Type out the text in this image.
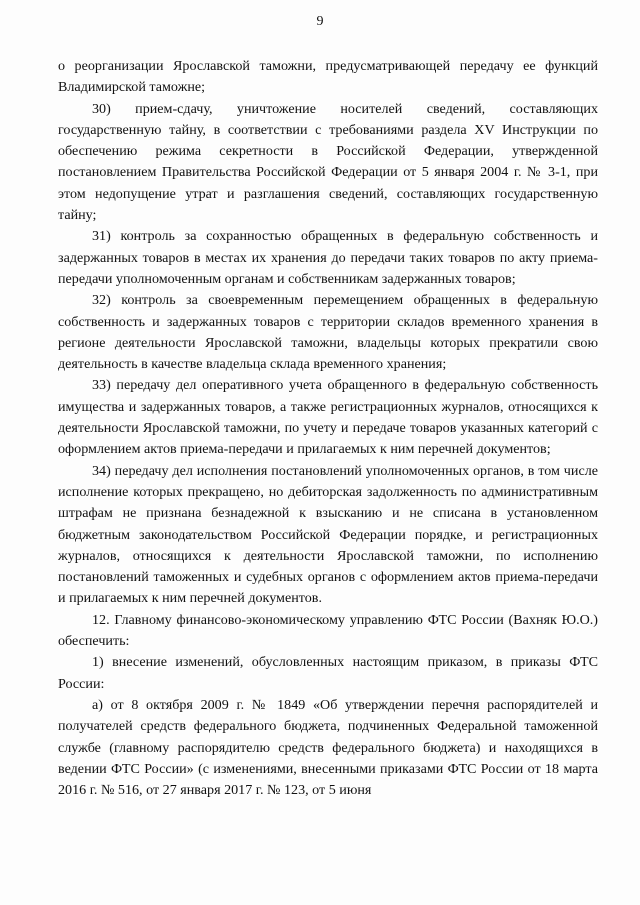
9

о реорганизации Ярославской таможни, предусматривающей передачу ее функций Владимирской таможне;

30) прием-сдачу, уничтожение носителей сведений, составляющих государственную тайну, в соответствии с требованиями раздела XV Инструкции по обеспечению режима секретности в Российской Федерации, утвержденной постановлением Правительства Российской Федерации от 5 января 2004 г. № 3-1, при этом недопущение утрат и разглашения сведений, составляющих государственную тайну;

31) контроль за сохранностью обращенных в федеральную собственность и задержанных товаров в местах их хранения до передачи таких товаров по акту приема-передачи уполномоченным органам и собственникам задержанных товаров;

32) контроль за своевременным перемещением обращенных в федеральную собственность и задержанных товаров с территории складов временного хранения в регионе деятельности Ярославской таможни, владельцы которых прекратили свою деятельность в качестве владельца склада временного хранения;

33) передачу дел оперативного учета обращенного в федеральную собственность имущества и задержанных товаров, а также регистрационных журналов, относящихся к деятельности Ярославской таможни, по учету и передаче товаров указанных категорий с оформлением актов приема-передачи и прилагаемых к ним перечней документов;

34) передачу дел исполнения постановлений уполномоченных органов, в том числе исполнение которых прекращено, но дебиторская задолженность по административным штрафам не признана безнадежной к взысканию и не списана в установленном бюджетным законодательством Российской Федерации порядке, и регистрационных журналов, относящихся к деятельности Ярославской таможни, по исполнению постановлений таможенных и судебных органов с оформлением актов приема-передачи и прилагаемых к ним перечней документов.

12. Главному финансово-экономическому управлению ФТС России (Вахняк Ю.О.) обеспечить:

1) внесение изменений, обусловленных настоящим приказом, в приказы ФТС России:

а) от 8 октября 2009 г. № 1849 «Об утверждении перечня распорядителей и получателей средств федерального бюджета, подчиненных Федеральной таможенной службе (главному распорядителю средств федерального бюджета) и находящихся в ведении ФТС России» (с изменениями, внесенными приказами ФТС России от 18 марта 2016 г. № 516, от 27 января 2017 г. № 123, от 5 июня
